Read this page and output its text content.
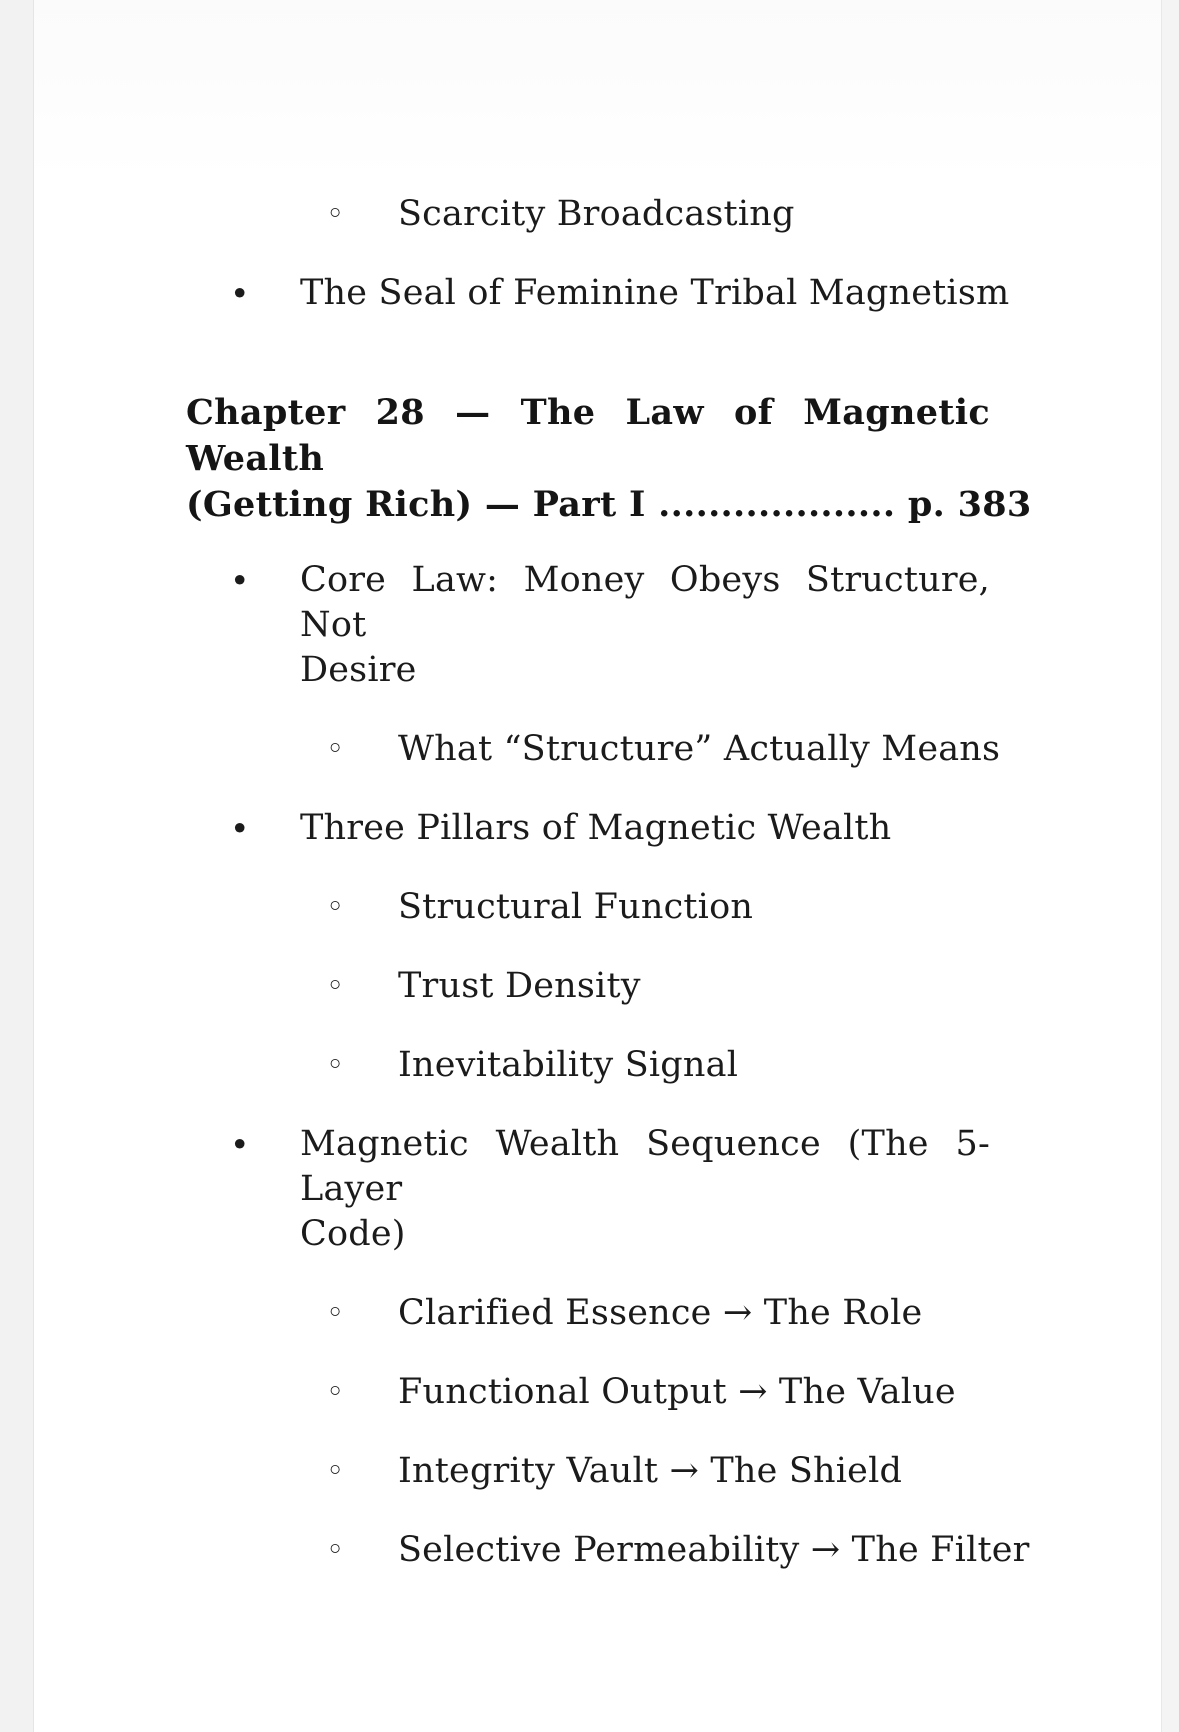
◦ Scarcity Broadcasting
• The Seal of Feminine Tribal Magnetism
Chapter 28 — The Law of Magnetic Wealth
(Getting Rich) — Part I ................... p. 383
• Core Law: Money Obeys Structure, Not
Desire
◦ What “Structure” Actually Means
• Three Pillars of Magnetic Wealth
◦ Structural Function
◦ Trust Density
◦ Inevitability Signal
• Magnetic Wealth Sequence (The 5-Layer
Code)
◦ Clarified Essence → The Role
◦ Functional Output → The Value
◦ Integrity Vault → The Shield
◦ Selective Permeability → The Filter
